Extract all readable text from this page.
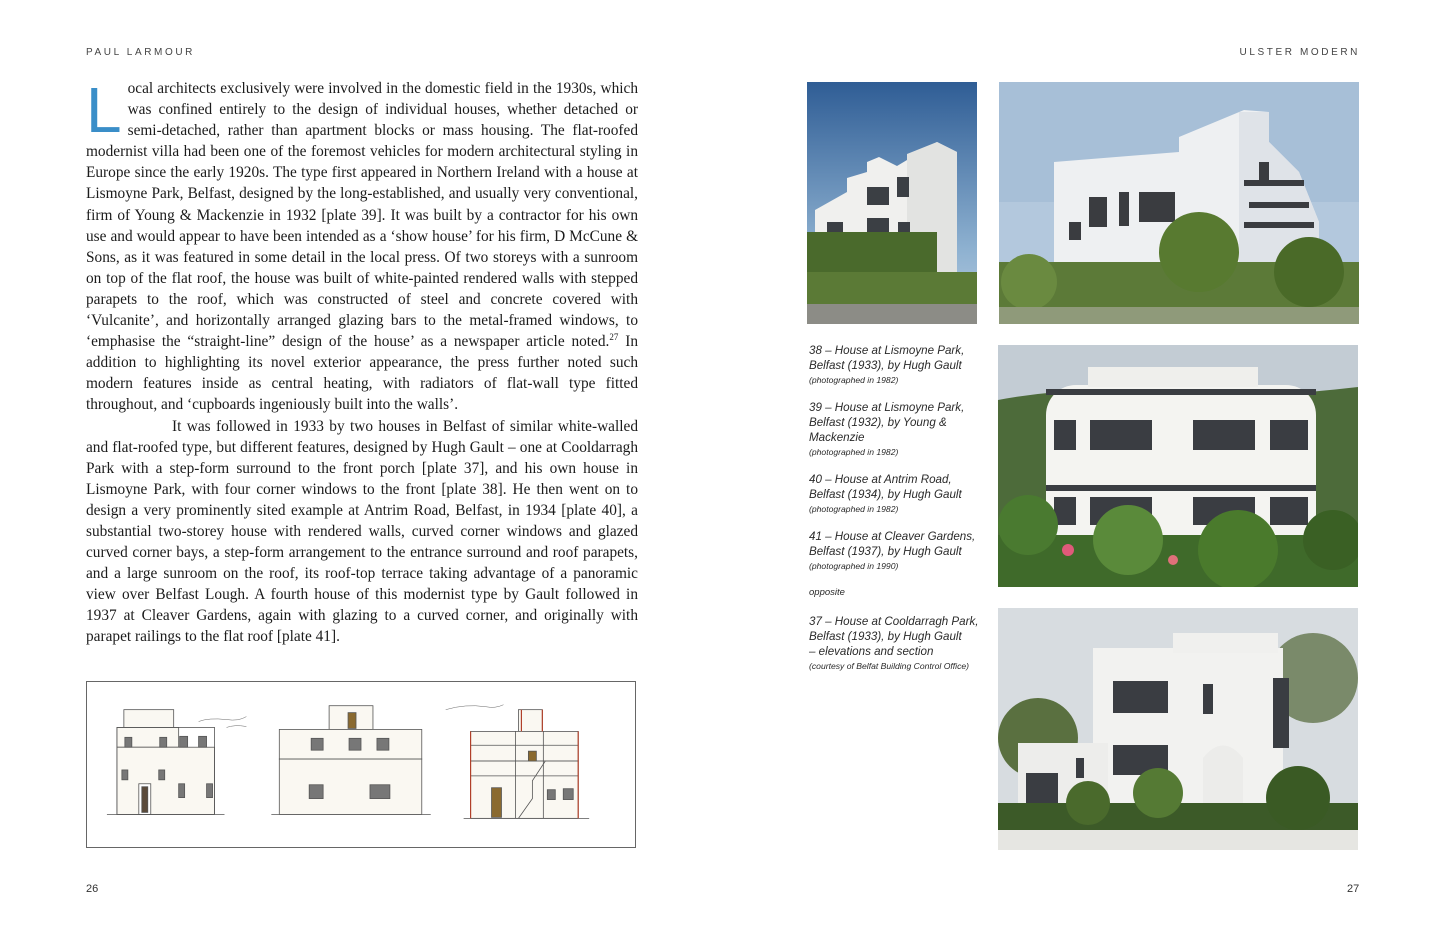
PAUL LARMOUR	ULSTER MODERN

Local architects exclusively were involved in the domestic field in the 1930s, which was confined entirely to the design of individual houses, whether detached or semi-detached, rather than apartment blocks or mass housing. The flat-roofed modernist villa had been one of the foremost vehicles for modern architectural styling in Europe since the early 1920s. The type first appeared in Northern Ireland with a house at Lismoyne Park, Belfast, designed by the long-established, and usually very conventional, firm of Young & Mackenzie in 1932 [plate 39]. It was built by a contractor for his own use and would appear to have been intended as a ‘show house’ for his firm, D McCune & Sons, as it was featured in some detail in the local press. Of two storeys with a sunroom on top of the flat roof, the house was built of white-painted rendered walls with stepped parapets to the roof, which was constructed of steel and concrete covered with ‘Vulcanite’, and horizontally arranged glazing bars to the metal-framed windows, to ‘emphasise the “straight-line” design of the house’ as a newspaper article noted.$^{27}$ In addition to highlighting its novel exterior appearance, the press further noted such modern features inside as central heating, with radiators of flat-wall type fitted throughout, and ‘cupboards ingeniously built into the walls’.

It was followed in 1933 by two houses in Belfast of similar white-walled and flat-roofed type, but different features, designed by Hugh Gault – one at Cooldarragh Park with a step-form surround to the front porch [plate 37], and his own house in Lismoyne Park, with four corner windows to the front [plate 38]. He then went on to design a very prominently sited example at Antrim Road, Belfast, in 1934 [plate 40], a substantial two-storey house with rendered walls, curved corner windows and glazed curved corner bays, a step-form arrangement to the entrance surround and roof parapets, and a large sunroom on the roof, its roof-top terrace taking advantage of a panoramic view over Belfast Lough. A fourth house of this modernist type by Gault followed in 1937 at Cleaver Gardens, again with glazing to a curved corner, and originally with parapet railings to the flat roof [plate 41].

38 – House at Lismoyne Park, Belfast (1933), by Hugh Gault
(photographed in 1982)
39 – House at Lismoyne Park, Belfast (1932), by Young & Mackenzie
(photographed in 1982)
40 – House at Antrim Road, Belfast (1934), by Hugh Gault
(photographed in 1982)
41 – House at Cleaver Gardens, Belfast (1937), by Hugh Gault
(photographed in 1990)
opposite
37 – House at Cooldarragh Park, Belfast (1933), by Hugh Gault
– elevations and section
(courtesy of Belfat Building Control Office)
26	27
